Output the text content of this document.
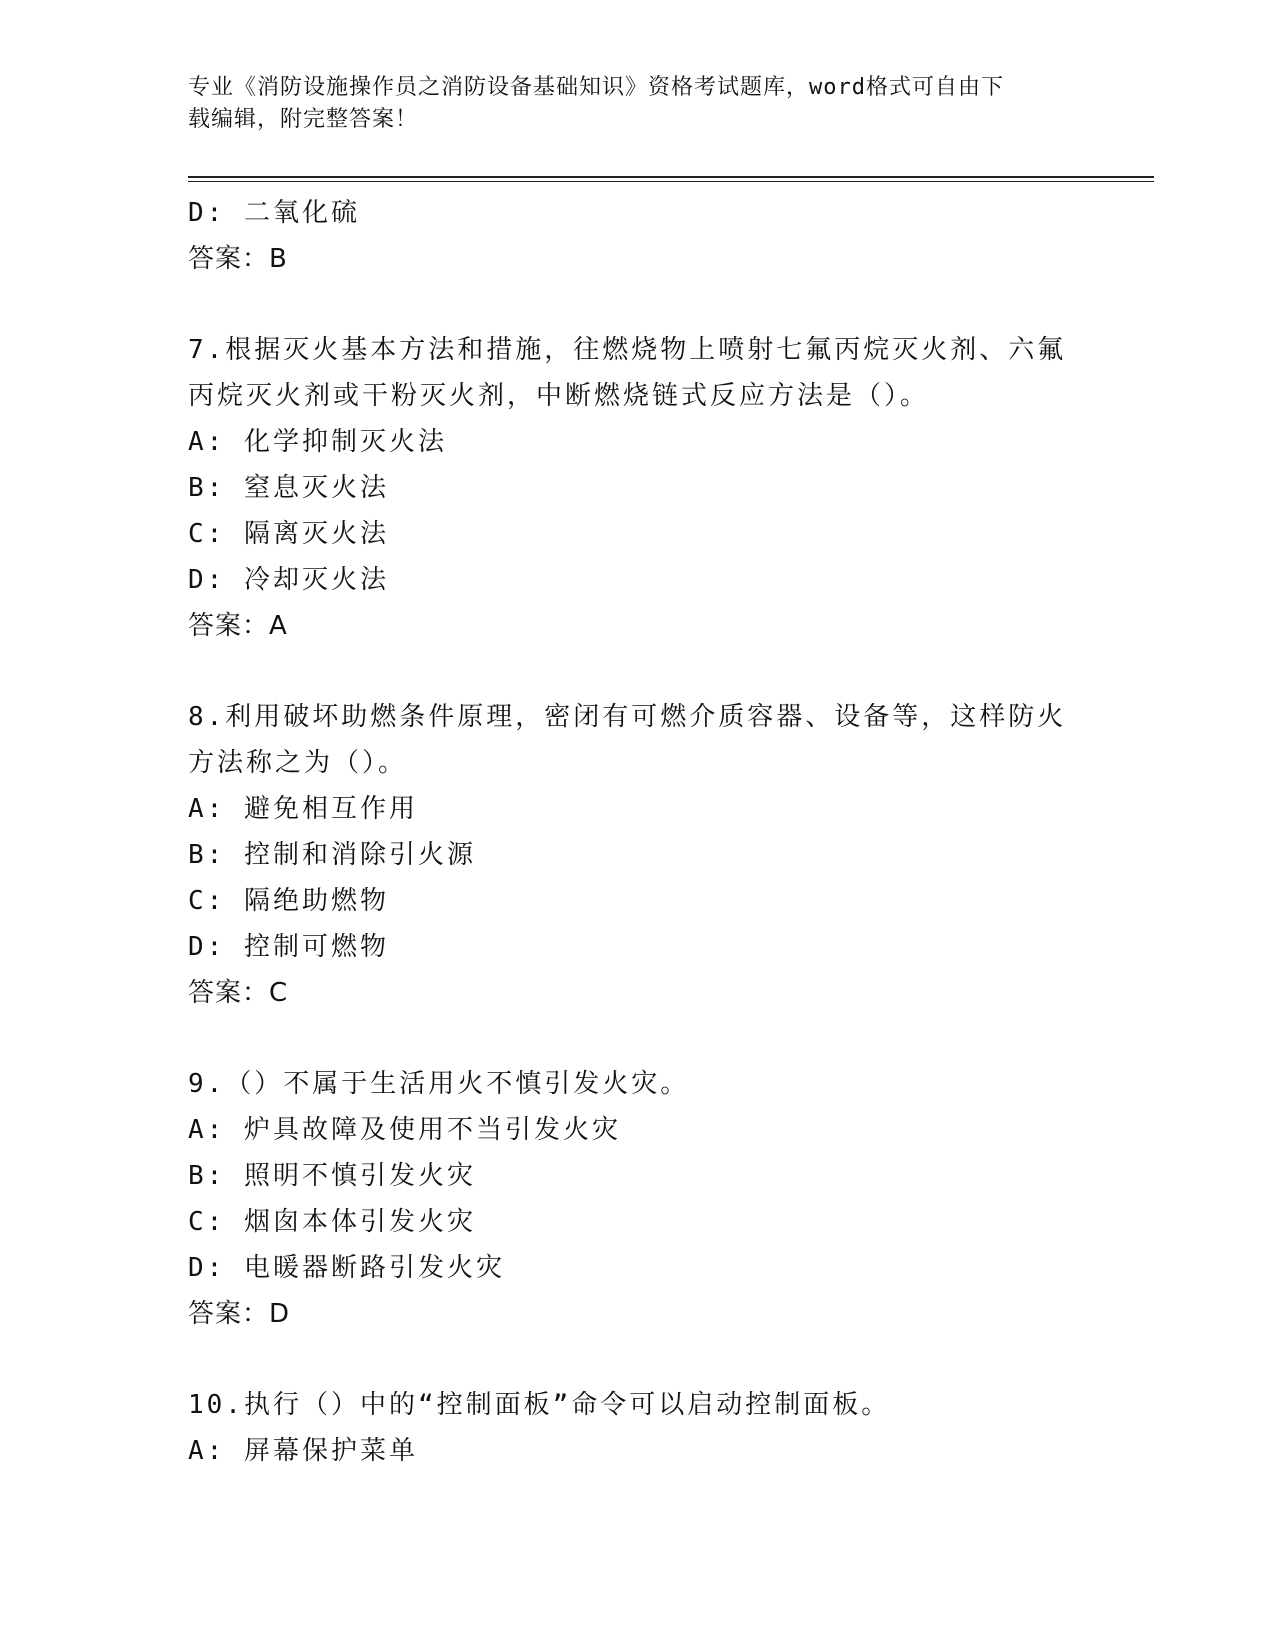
专业《消防设施操作员之消防设备基础知识》资格考试题库，word格式可自由下
载编辑，附完整答案！
D: 二氧化硫
答案：B
7.根据灭火基本方法和措施，往燃烧物上喷射七氟丙烷灭火剂、六氟
丙烷灭火剂或干粉灭火剂，中断燃烧链式反应方法是（）。
A: 化学抑制灭火法
B: 窒息灭火法
C: 隔离灭火法
D: 冷却灭火法
答案：A
8.利用破坏助燃条件原理，密闭有可燃介质容器、设备等，这样防火
方法称之为（）。
A: 避免相互作用
B: 控制和消除引火源
C: 隔绝助燃物
D: 控制可燃物
答案：C
9.（）不属于生活用火不慎引发火灾。
A: 炉具故障及使用不当引发火灾
B: 照明不慎引发火灾
C: 烟囱本体引发火灾
D: 电暖器断路引发火灾
答案：D
10.执行（）中的“控制面板”命令可以启动控制面板。
A: 屏幕保护菜单
